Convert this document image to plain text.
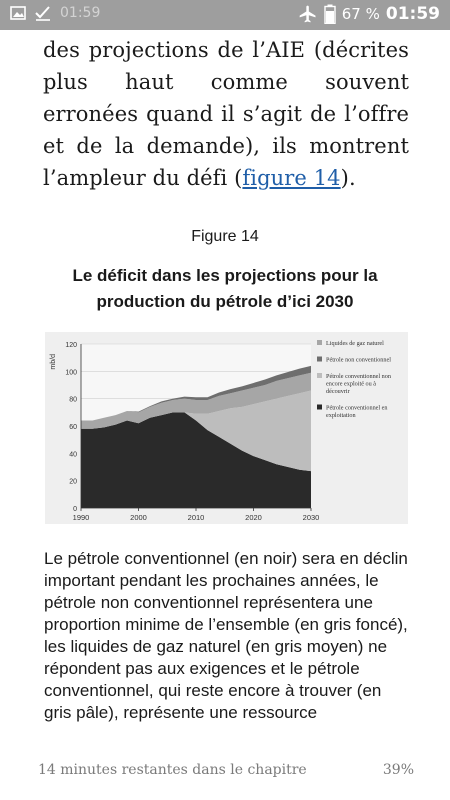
01:59	67 % 01:59

des projections de l’AIE (décrites plus haut comme souvent erronées quand il s’agit de l’offre et de la demande), ils montrent l’ampleur du défi (figure 14).

Figure 14
Le déficit dans les projections pour la production du pétrole d’ici 2030
0
20
40
60
80
100
120
1990	2000	2010	2020	2030
mb/d
Liquides de gaz naturel
Pétrole non conventionnel
Pétrole conventionnel non encore exploité ou à découvrir
Pétrole conventionnel en exploitation

Le pétrole conventionnel (en noir) sera en déclin important pendant les prochaines années, le pétrole non conventionnel représentera une proportion minime de l’ensemble (en gris foncé), les liquides de gaz naturel (en gris moyen) ne répondent pas aux exigences et le pétrole conventionnel, qui reste encore à trouver (en gris pâle), représente une ressource

14 minutes restantes dans le chapitre	39%
